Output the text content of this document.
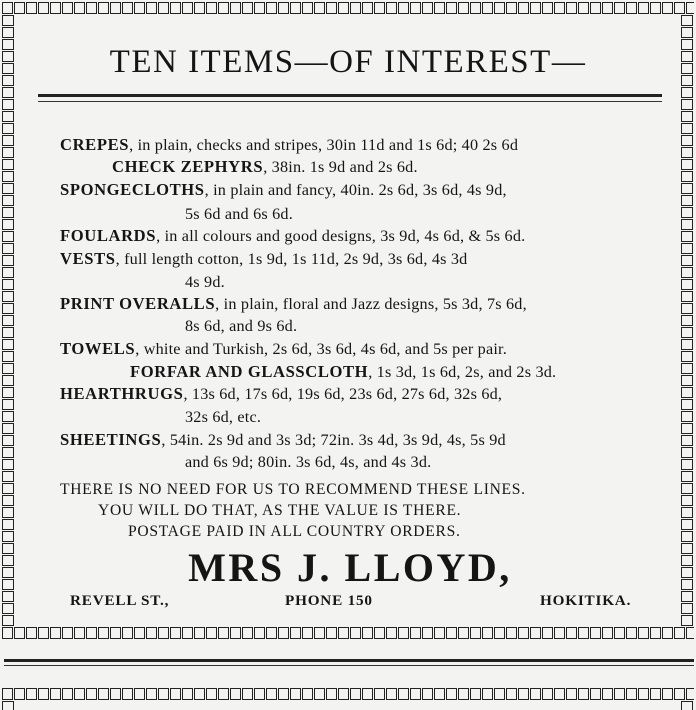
TEN ITEMS—OF INTEREST—
CREPES, in plain, checks and stripes, 30in 11d and 1s 6d; 40 2s 6d
CHECK ZEPHYRS, 38in. 1s 9d and 2s 6d.
SPONGECLOTHS, in plain and fancy, 40in. 2s 6d, 3s 6d, 4s 9d,
5s 6d and 6s 6d.
FOULARDS, in all colours and good designs, 3s 9d, 4s 6d, & 5s 6d.
VESTS, full length cotton, 1s 9d, 1s 11d, 2s 9d, 3s 6d, 4s 3d
4s 9d.
PRINT OVERALLS, in plain, floral and Jazz designs, 5s 3d, 7s 6d,
8s 6d, and 9s 6d.
TOWELS, white and Turkish, 2s 6d, 3s 6d, 4s 6d, and 5s per pair.
FORFAR AND GLASSCLOTH, 1s 3d, 1s 6d, 2s, and 2s 3d.
HEARTHRUGS, 13s 6d, 17s 6d, 19s 6d, 23s 6d, 27s 6d, 32s 6d,
32s 6d, etc.
SHEETINGS, 54in. 2s 9d and 3s 3d; 72in. 3s 4d, 3s 9d, 4s, 5s 9d
and 6s 9d; 80in. 3s 6d, 4s, and 4s 3d.
THERE IS NO NEED FOR US TO RECOMMEND THESE LINES.
YOU WILL DO THAT, AS THE VALUE IS THERE.
POSTAGE PAID IN ALL COUNTRY ORDERS.
MRS J. LLOYD,
REVELL ST.,	PHONE 150	HOKITIKA.
